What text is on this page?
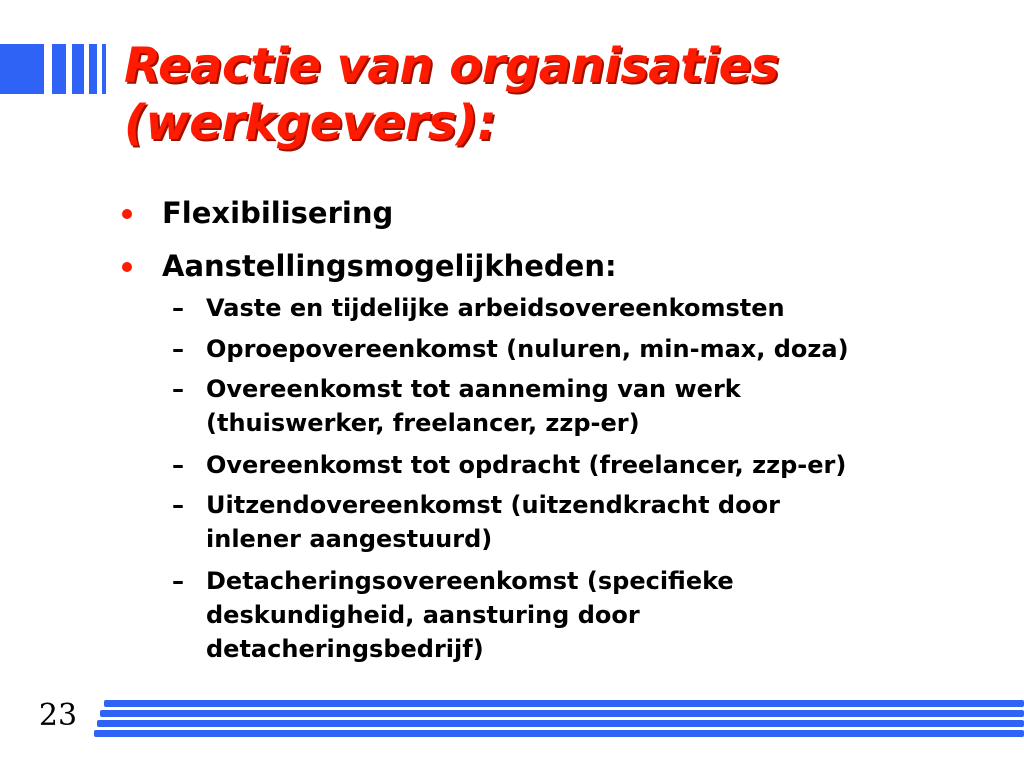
Reactie van organisaties
(werkgevers):
Flexibilisering
Aanstellingsmogelijkheden:
– Vaste en tijdelijke arbeidsovereenkomsten
– Oproepovereenkomst (nuluren, min-max, doza)
– Overeenkomst tot aanneming van werk
(thuiswerker, freelancer, zzp-er)
– Overeenkomst tot opdracht (freelancer, zzp-er)
– Uitzendovereenkomst (uitzendkracht door
inlener aangestuurd)
– Detacheringsovereenkomst (specifieke
deskundigheid, aansturing door
detacheringsbedrijf)
23
